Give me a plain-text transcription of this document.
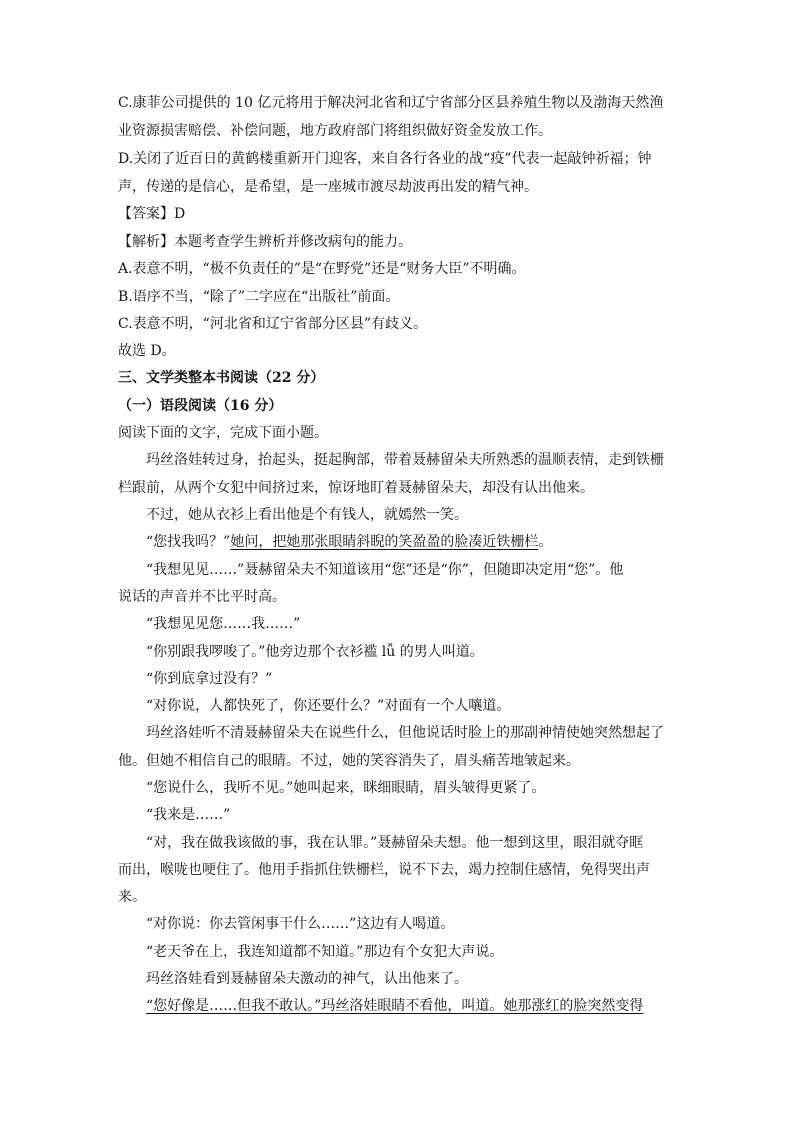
C.康菲公司提供的 10 亿元将用于解决河北省和辽宁省部分区县养殖生物以及渤海天然渔
业资源损害赔偿、补偿问题，地方政府部门将组织做好资金发放工作。
D.关闭了近百日的黄鹤楼重新开门迎客，来自各行各业的战“疫”代表一起敲钟祈福；钟
声，传递的是信心，是希望，是一座城市渡尽劫波再出发的精气神。
【答案】D
【解析】本题考查学生辨析并修改病句的能力。
A.表意不明，“极不负责任的”是“在野党”还是“财务大臣”不明确。
B.语序不当，“除了”二字应在“出版社”前面。
C.表意不明，“河北省和辽宁省部分区县”有歧义。
故选 D。
三、文学类整本书阅读（22 分）
（一）语段阅读（16 分）
阅读下面的文字，完成下面小题。
玛丝洛娃转过身，抬起头，挺起胸部，带着聂赫留朵夫所熟悉的温顺表情，走到铁栅
栏跟前，从两个女犯中间挤过来，惊讶地盯着聂赫留朵夫，却没有认出他来。
不过，她从衣衫上看出他是个有钱人，就嫣然一笑。
“您找我吗？”她问，把她那张眼睛斜睨的笑盈盈的脸凑近铁栅栏。
“我想见见……”聂赫留朵夫不知道该用“您”还是“你”，但随即决定用“您”。他
说话的声音并不比平时高。
“我想见见您……我……”
“你别跟我啰唆了。”他旁边那个衣衫褴 lǚ 的男人叫道。
“你到底拿过没有？”
“对你说，人都快死了，你还要什么？”对面有一个人嚷道。
玛丝洛娃听不清聂赫留朵夫在说些什么，但他说话时脸上的那副神情使她突然想起了
他。但她不相信自己的眼睛。不过，她的笑容消失了，眉头痛苦地皱起来。
“您说什么，我听不见。”她叫起来，眯细眼睛，眉头皱得更紧了。
“我来是……”
“对，我在做我该做的事，我在认罪。”聂赫留朵夫想。他一想到这里，眼泪就夺眶
而出，喉咙也哽住了。他用手指抓住铁栅栏，说不下去，竭力控制住感情，免得哭出声
来。
“对你说：你去管闲事干什么……”这边有人喝道。
“老天爷在上，我连知道都不知道。”那边有个女犯大声说。
玛丝洛娃看到聂赫留朵夫激动的神气，认出他来了。
“您好像是……但我不敢认。”玛丝洛娃眼睛不看他，叫道。她那涨红的脸突然变得
